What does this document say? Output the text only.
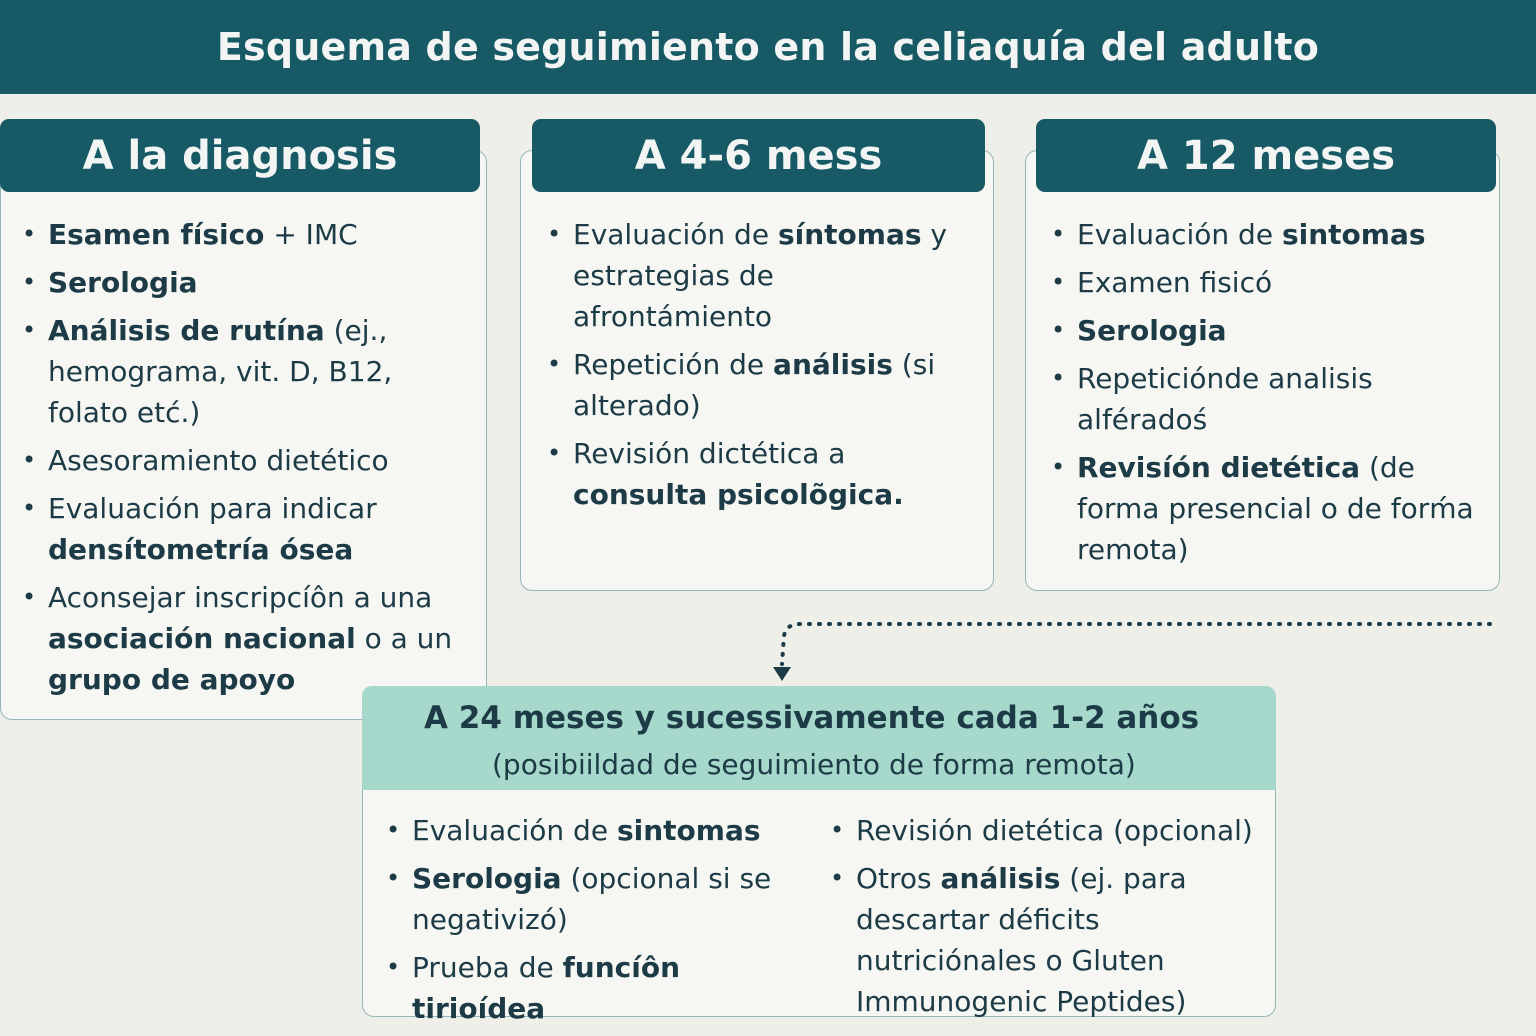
Esquema de seguimiento en la celiaquía del adulto
A la diagnosis
• Esamen físico + IMC
• Serologia
• Análisis de rutína (ej., hemograma, vit. D, B12, folato etć.)
• Asesoramiento dietético
• Evaluación para indicar densítometría ósea
• Aconsejar inscripcíôn a una asociación nacional o a un grupo de apoyo
A 4-6 mess
• Evaluación de síntomas y estrategias de afrontámiento
• Repetición de análisis (si alterado)
• Revisión dictética a consulta psicolõgica.
A 12 meses
• Evaluación de sintomas
• Examen fisicó
• Serologia
• Repeticiónde analisis alféradoś
• Revisíón dietética (de forma presencial o de forḿa remota)
A 24 meses y sucessivamente cada 1-2 años
(posibiildad de seguimiento de forma remota)
• Evaluación de sintomas
• Serologia (opcional si se negativizó)
• Prueba de funcíôn tirioídea
• Revisión dietética (opcional)
• Otros análisis (ej. para descartar déficits nutriciónales o Gluten Immunogenic Peptides)
